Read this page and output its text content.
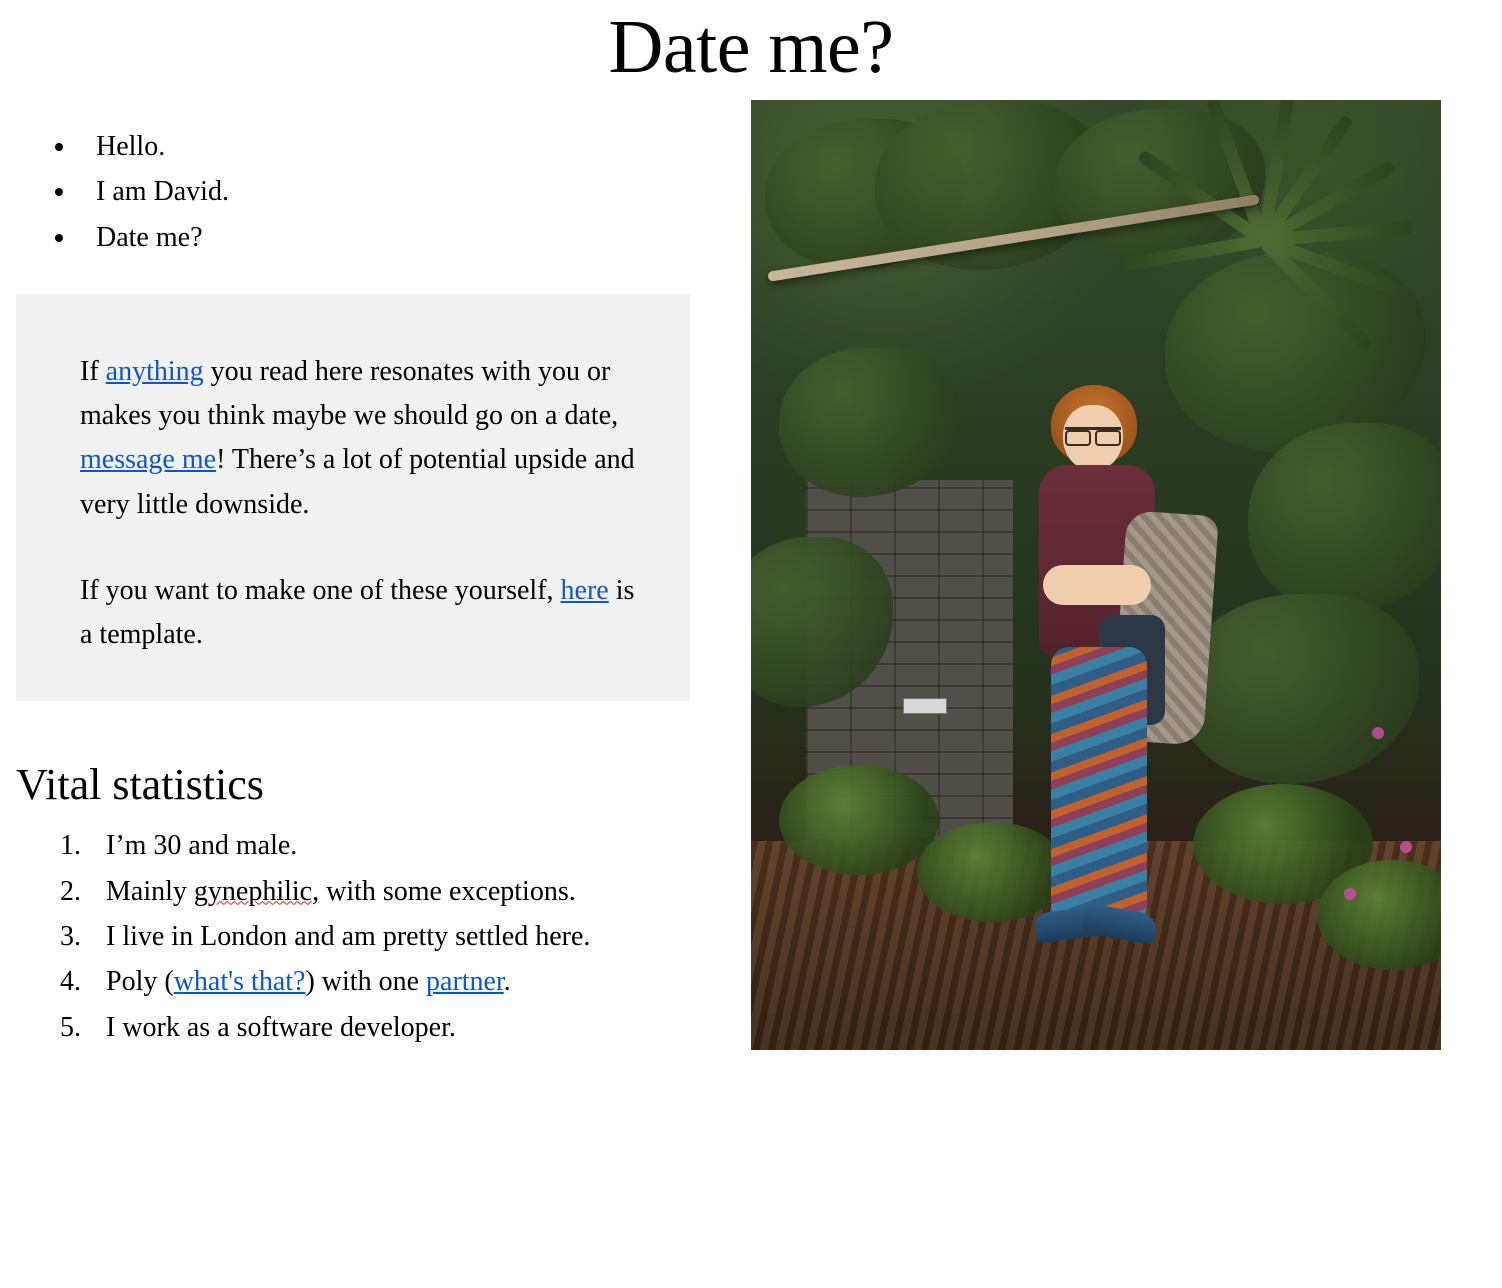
Date me?
• Hello.
• I am David.
• Date me?

If anything you read here resonates with you or makes you think maybe we should go on a date, message me! There’s a lot of potential upside and very little downside.

If you want to make one of these yourself, here is a template.

Vital statistics
1. I’m 30 and male.
2. Mainly gynephilic, with some exceptions.
3. I live in London and am pretty settled here.
4. Poly (what's that?) with one partner.
5. I work as a software developer.
